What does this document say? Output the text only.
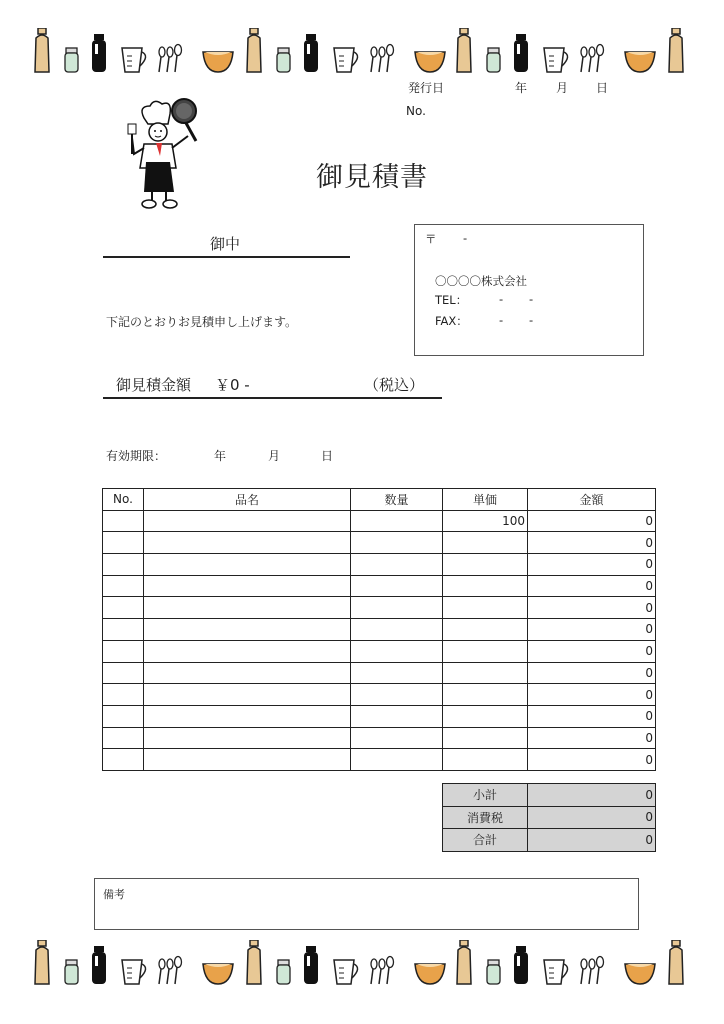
発行日	年 月 日
No.
御見積書
御中
下記のとおりお見積申し上げます。
〒 -
〇〇〇〇株式会社
TEL：	- -
FAX：	- -
御見積金額 ￥0 -	（税込）
有効期限：	年	月	日
No.	品名	数量	単価	金額
			100	0
				0
				0
				0
				0
				0
				0
				0
				0
				0
				0
				0
小計	0
消費税	0
合計	0
備考
